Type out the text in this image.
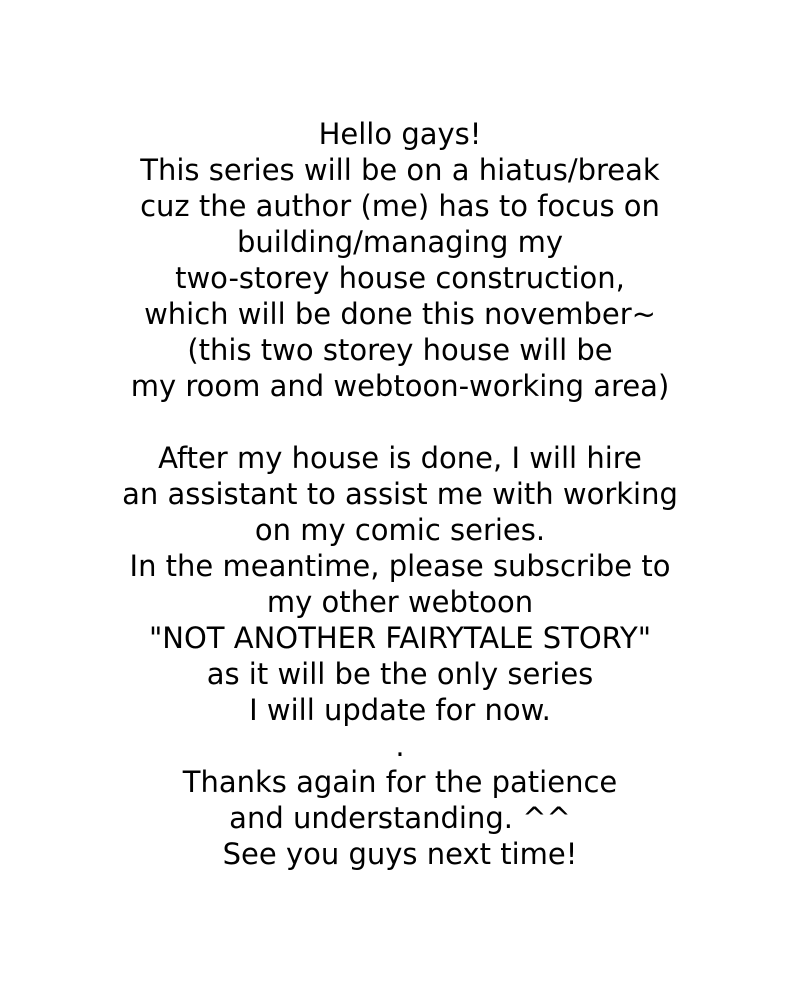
Hello gays!
This series will be on a hiatus/break
cuz the author (me) has to focus on
building/managing my
two-storey house construction,
which will be done this november~
(this two storey house will be
my room and webtoon-working area)
After my house is done, I will hire
an assistant to assist me with working
on my comic series.
In the meantime, please subscribe to
my other webtoon
"NOT ANOTHER FAIRYTALE STORY"
as it will be the only series
I will update for now.
.
Thanks again for the patience
and understanding. ^^
See you guys next time!
